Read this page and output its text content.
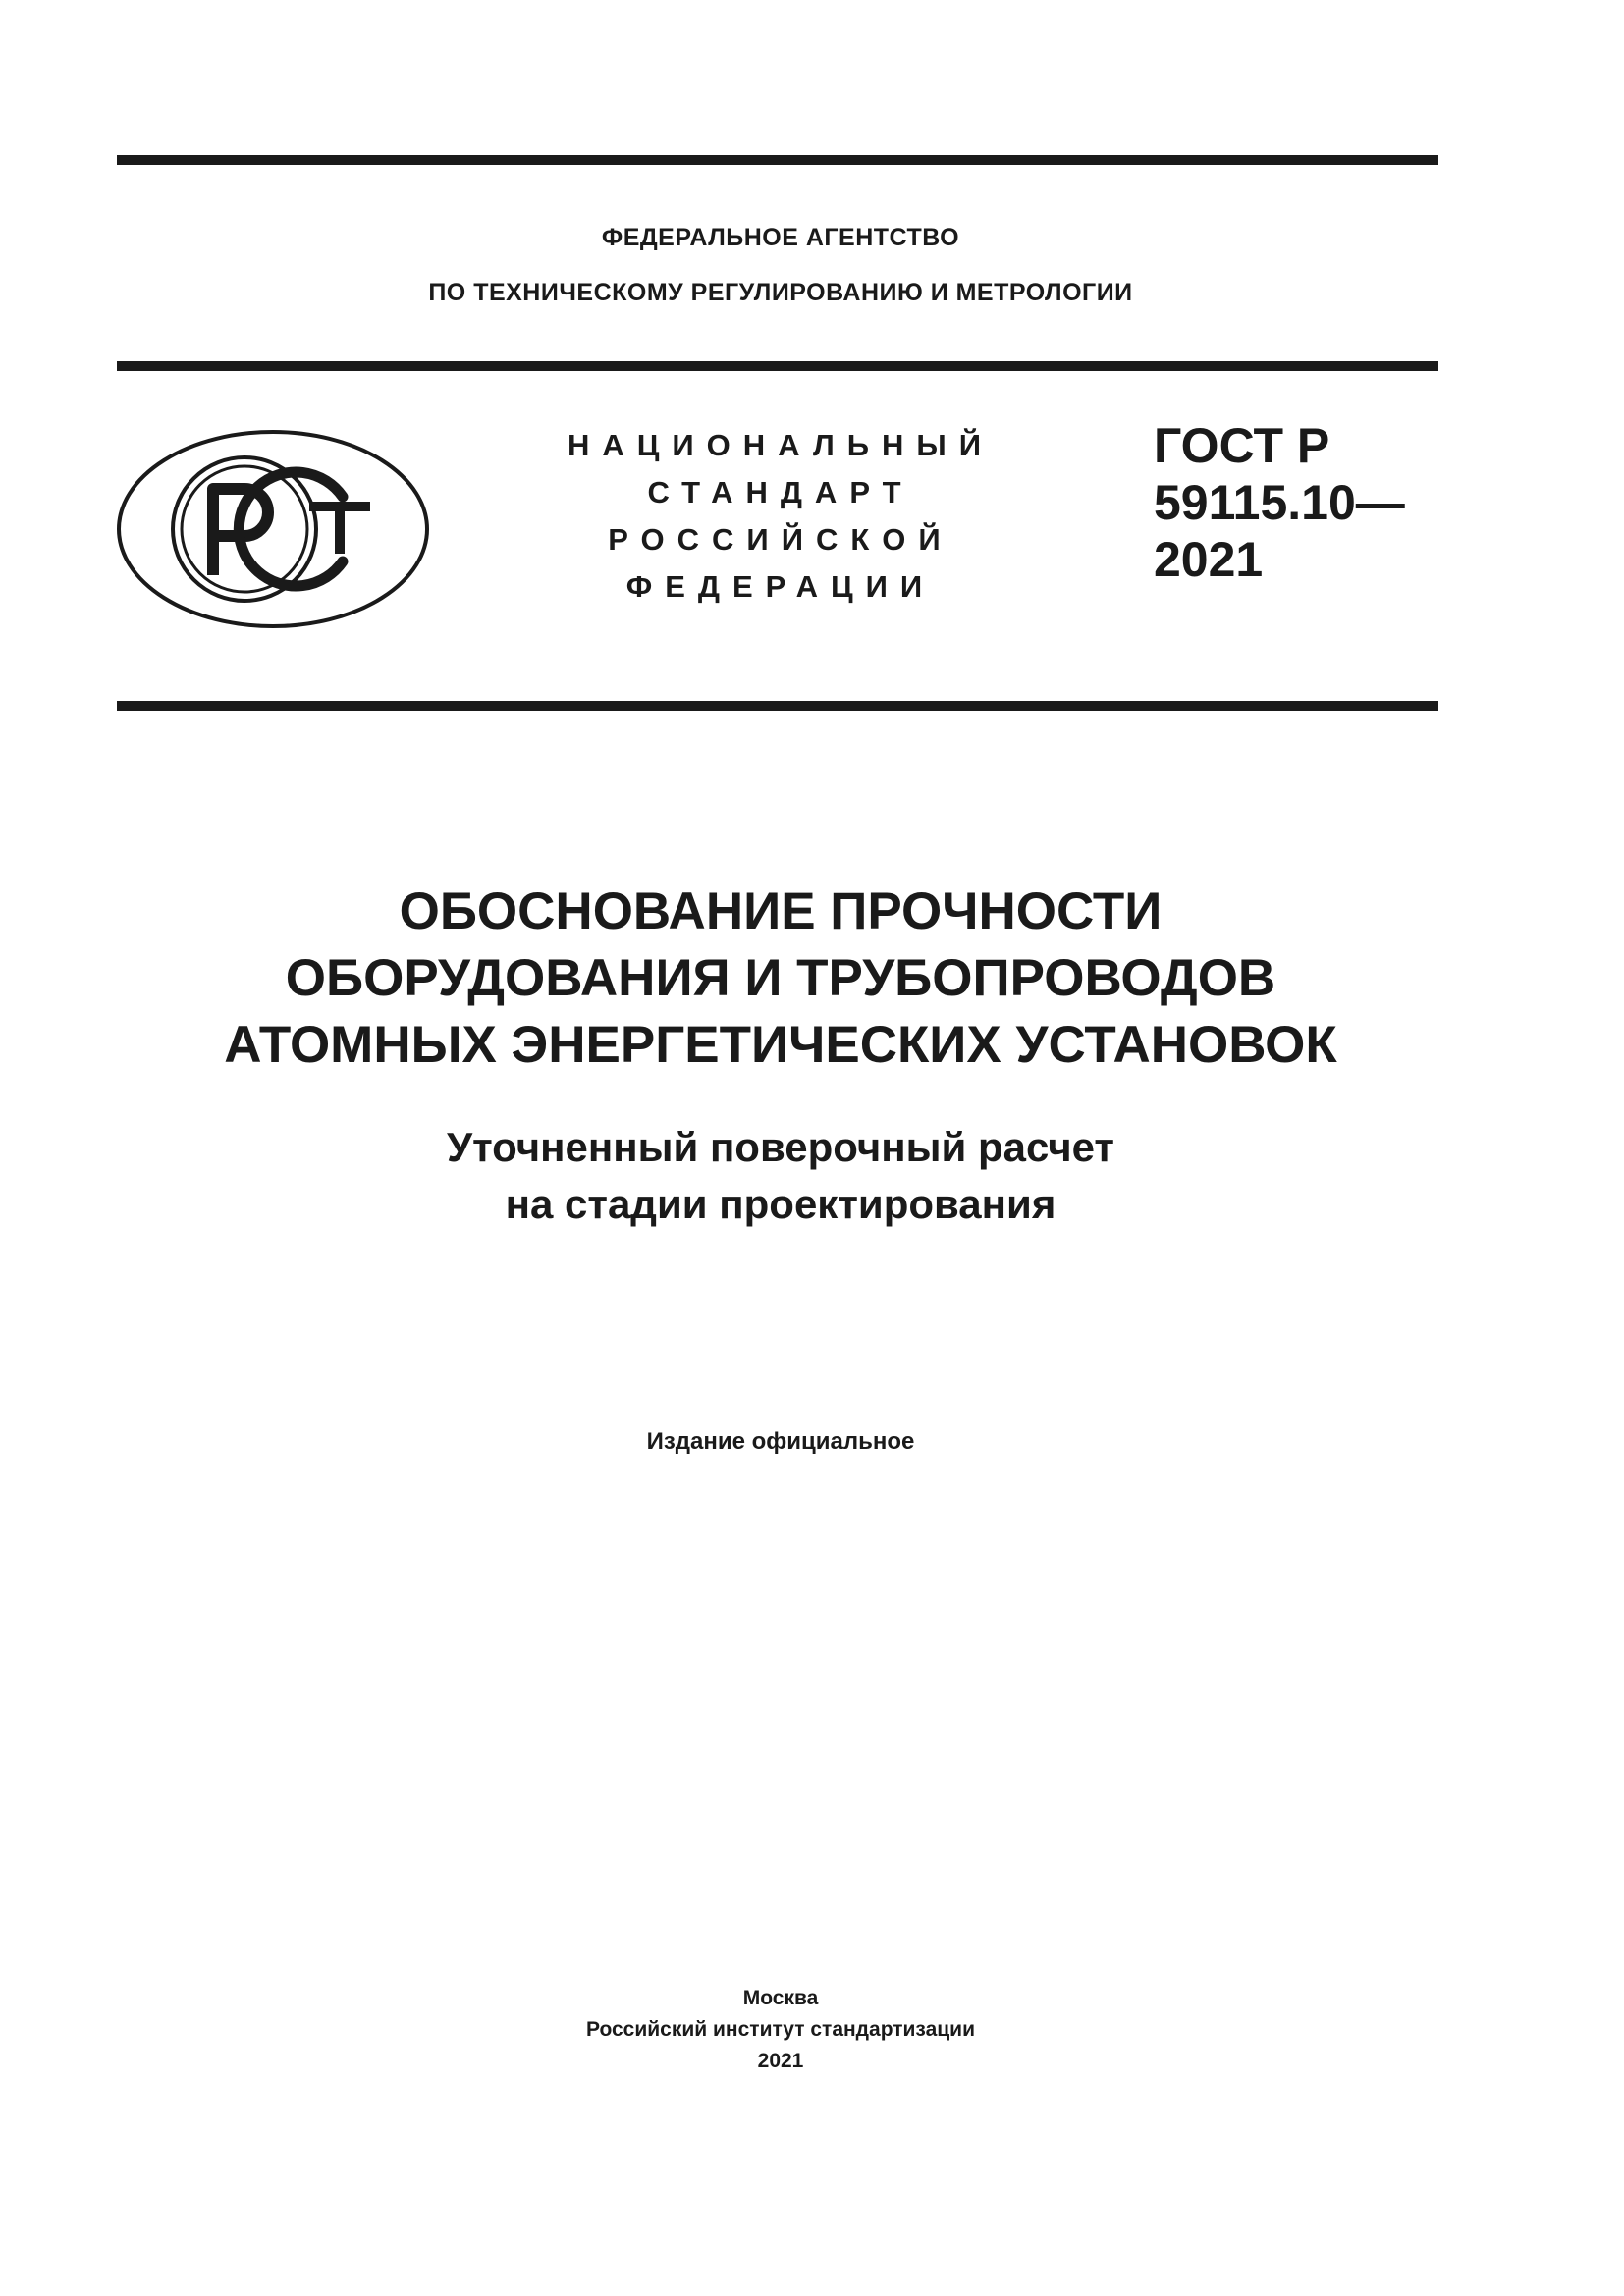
ФЕДЕРАЛЬНОЕ АГЕНТСТВО
ПО ТЕХНИЧЕСКОМУ РЕГУЛИРОВАНИЮ И МЕТРОЛОГИИ
НАЦИОНАЛЬНЫЙ
СТАНДАРТ
РОССИЙСКОЙ
ФЕДЕРАЦИИ
ГОСТ Р
59115.10—
2021
ОБОСНОВАНИЕ ПРОЧНОСТИ
ОБОРУДОВАНИЯ И ТРУБОПРОВОДОВ
АТОМНЫХ ЭНЕРГЕТИЧЕСКИХ УСТАНОВОК
Уточненный поверочный расчет
на стадии проектирования
Издание официальное
Москва
Российский институт стандартизации
2021
